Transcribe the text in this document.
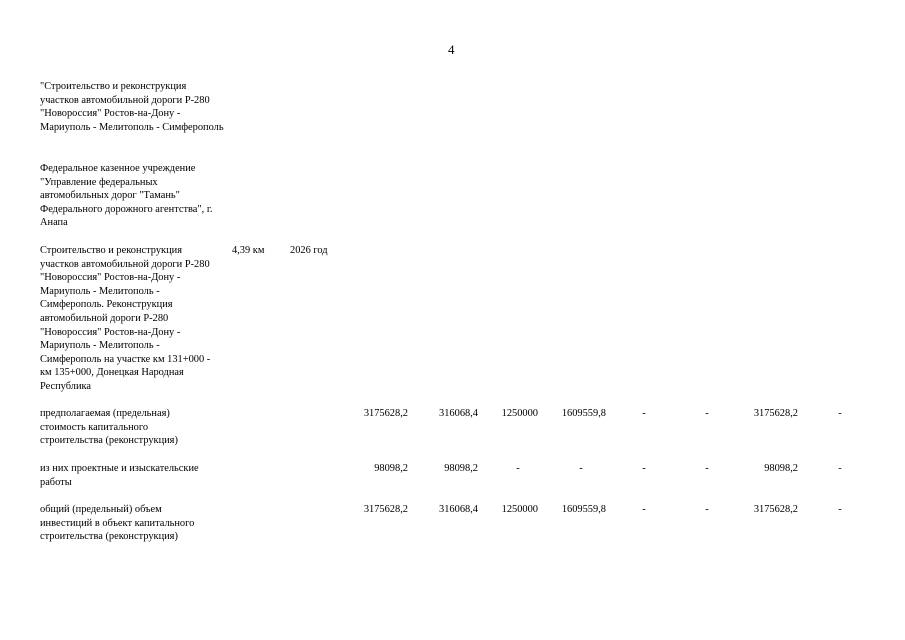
4
"Строительство и реконструкция участков автомобильной дороги Р-280 "Новороссия" Ростов-на-Дону - Мариуполь - Мелитополь - Симферополь
Федеральное казенное учреждение "Управление федеральных автомобильных дорог "Тамань" Федерального дорожного агентства", г. Анапа
Строительство и реконструкция участков автомобильной дороги Р-280 "Новороссия" Ростов-на-Дону - Мариуполь - Мелитополь - Симферополь. Реконструкция автомобильной дороги Р-280 "Новороссия" Ростов-на-Дону - Мариуполь - Мелитополь - Симферополь на участке км 131+000 - км 135+000, Донецкая Народная Республика
4,39 км 2026 год
предполагаемая (предельная) стоимость капитального строительства (реконструкция)
3175628,2	316068,4 1250000 1609559,8	-	-	3175628,2	-
из них проектные и изыскательские работы
98098,2	98098,2	-	-	-	-	98098,2	-
общий (предельный) объем инвестиций в объект капитального строительства (реконструкция)
3175628,2	316068,4 1250000 1609559,8	-	-	3175628,2	-
